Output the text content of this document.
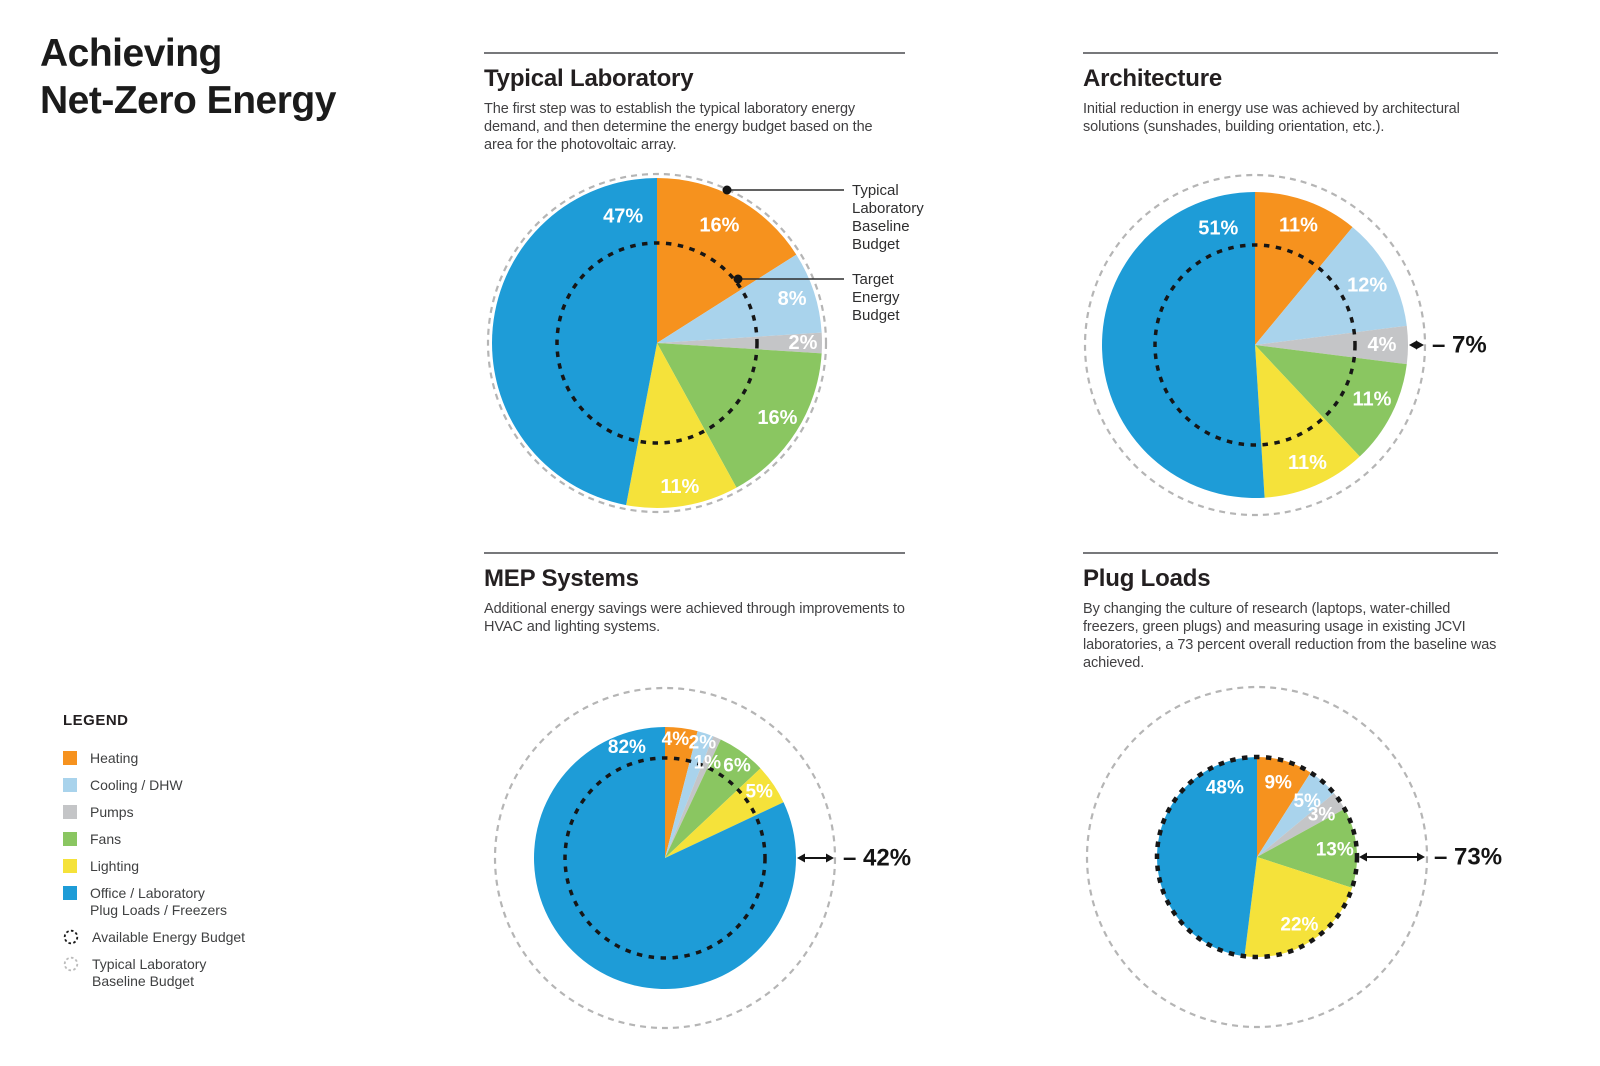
Achieving
Net-Zero Energy
Typical Laboratory
The first step was to establish the typical laboratory energy demand, and then determine the energy budget based on the area for the photovoltaic array.
Architecture
Initial reduction in energy use was achieved by architectural solutions (sunshades, building orientation, etc.).
MEP Systems
Additional energy savings were achieved through improvements to HVAC and lighting systems.
Plug Loads
By changing the culture of research (laptops, water-chilled freezers, green plugs) and measuring usage in existing JCVI laboratories, a 73 percent overall reduction from the baseline was achieved.
LEGEND
Heating
Cooling / DHW
Pumps
Fans
Lighting
Office / Laboratory
Plug Loads / Freezers
Available Energy Budget
Typical Laboratory
Baseline Budget
16%
8%
2%
16%
11%
47%
Typical Laboratory Baseline Budget
Target Energy Budget
11%
12%
4%
11%
11%
51%
– 7%
4% 2%
1% 6%
5%
82%
– 42%
9%
5%
3%
13%
22%
48%
– 73%
